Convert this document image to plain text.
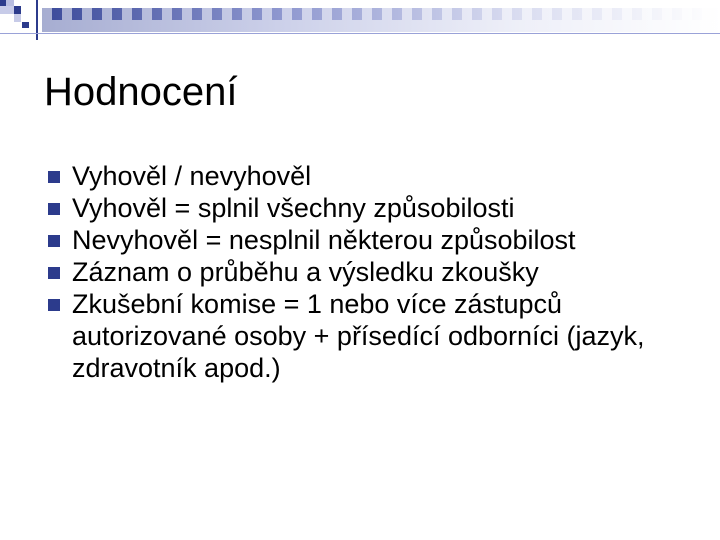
Hodnocení
Vyhověl / nevyhověl
Vyhověl = splnil všechny způsobilosti
Nevyhověl = nesplnil některou způsobilost
Záznam o průběhu a výsledku zkoušky
Zkušební komise = 1 nebo více zástupců autorizované osoby + přísedící odborníci (jazyk, zdravotník apod.)
